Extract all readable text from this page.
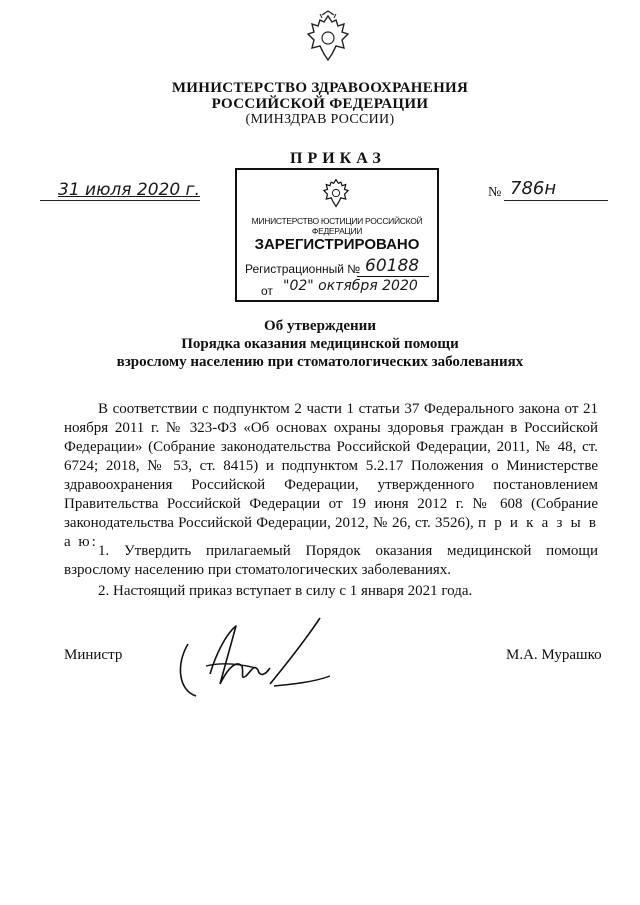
МИНИСТЕРСТВО ЗДРАВООХРАНЕНИЯ
РОССИЙСКОЙ ФЕДЕРАЦИИ
(МИНЗДРАВ РОССИИ)
ПРИКАЗ
31 июля 2020 г.	№ 786н
МИНИСТЕРСТВО ЮСТИЦИИ РОССИЙСКОЙ ФЕДЕРАЦИИ
ЗАРЕГИСТРИРОВАНО
Регистрационный № 60188
от "02" октября 2020
Об утверждении
Порядка оказания медицинской помощи
взрослому населению при стоматологических заболеваниях
В соответствии с подпунктом 2 части 1 статьи 37 Федерального закона от 21 ноября 2011 г. № 323-ФЗ «Об основах охраны здоровья граждан в Российской Федерации» (Собрание законодательства Российской Федерации, 2011, № 48, ст. 6724; 2018, № 53, ст. 8415) и подпунктом 5.2.17 Положения о Министерстве здравоохранения Российской Федерации, утвержденного постановлением Правительства Российской Федерации от 19 июня 2012 г. № 608 (Собрание законодательства Российской Федерации, 2012, № 26, ст. 3526), п р и к а з ы в а ю:
1. Утвердить прилагаемый Порядок оказания медицинской помощи взрослому населению при стоматологических заболеваниях.
2. Настоящий приказ вступает в силу с 1 января 2021 года.
Министр	М.А. Мурашко
